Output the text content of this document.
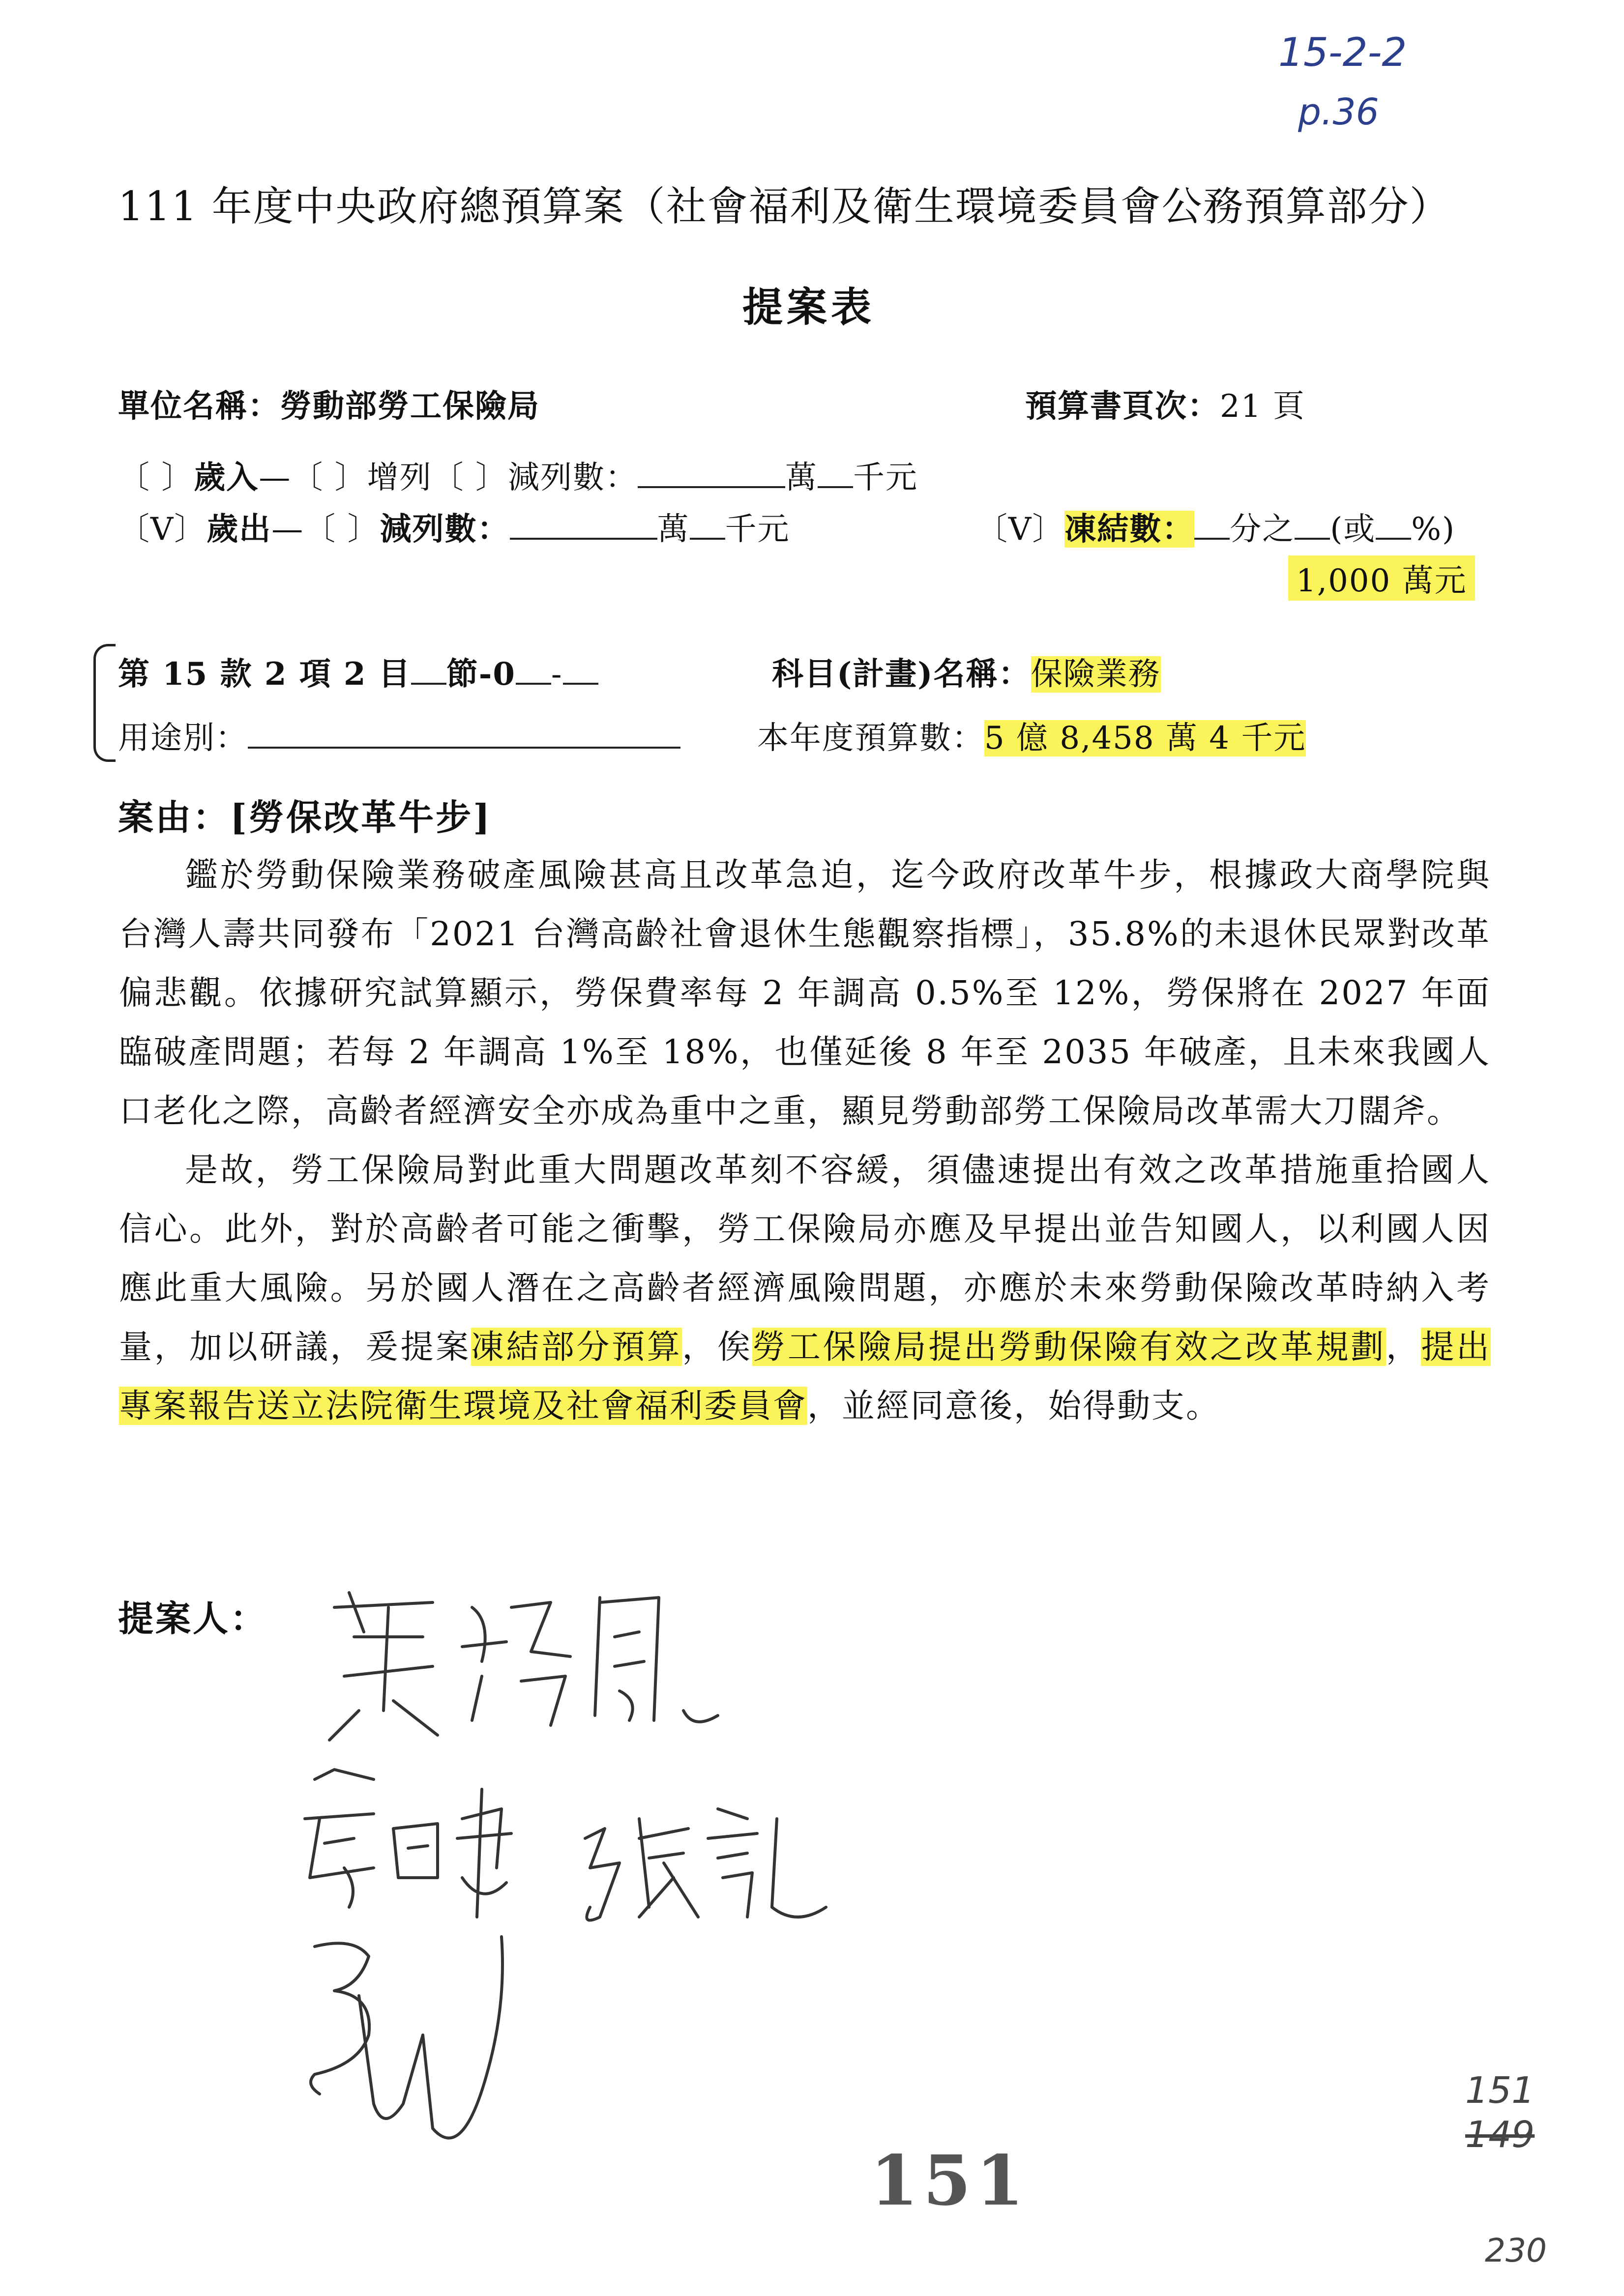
15-2-2
p.36
111 年度中央政府總預算案（社會福利及衛生環境委員會公務預算部分）
提案表
單位名稱：勞動部勞工保險局	預算書頁次：21 頁
〔 〕歲入—〔 〕增列〔 〕減列數：	萬 千元
〔V〕歲出—〔 〕減列數：	萬 千元	〔V〕凍結數： 分之 (或 %)
1,000 萬元
第 15 款 2 項 2 目 節-0 -	科目(計畫)名稱：保險業務
用途別：	本年度預算數：5 億 8,458 萬 4 千元
案由：[勞保改革牛步]

鑑於勞動保險業務破產風險甚高且改革急迫，迄今政府改革牛步，根據政大商學院與台灣人壽共同發布「2021 台灣高齡社會退休生態觀察指標」，35.8%的未退休民眾對改革偏悲觀。依據研究試算顯示，勞保費率每 2 年調高 0.5%至 12%，勞保將在 2027 年面臨破產問題；若每 2 年調高 1%至 18%，也僅延後 8 年至 2035 年破產，且未來我國人口老化之際，高齡者經濟安全亦成為重中之重，顯見勞動部勞工保險局改革需大刀闊斧。

是故，勞工保險局對此重大問題改革刻不容緩，須儘速提出有效之改革措施重拾國人信心。此外，對於高齡者可能之衝擊，勞工保險局亦應及早提出並告知國人，以利國人因應此重大風險。另於國人潛在之高齡者經濟風險問題，亦應於未來勞動保險改革時納入考量，加以研議，爰提案凍結部分預算，俟勞工保險局提出勞動保險有效之改革規劃，提出專案報告送立法院衛生環境及社會福利委員會，並經同意後，始得動支。

提案人：
151
151
149
230
